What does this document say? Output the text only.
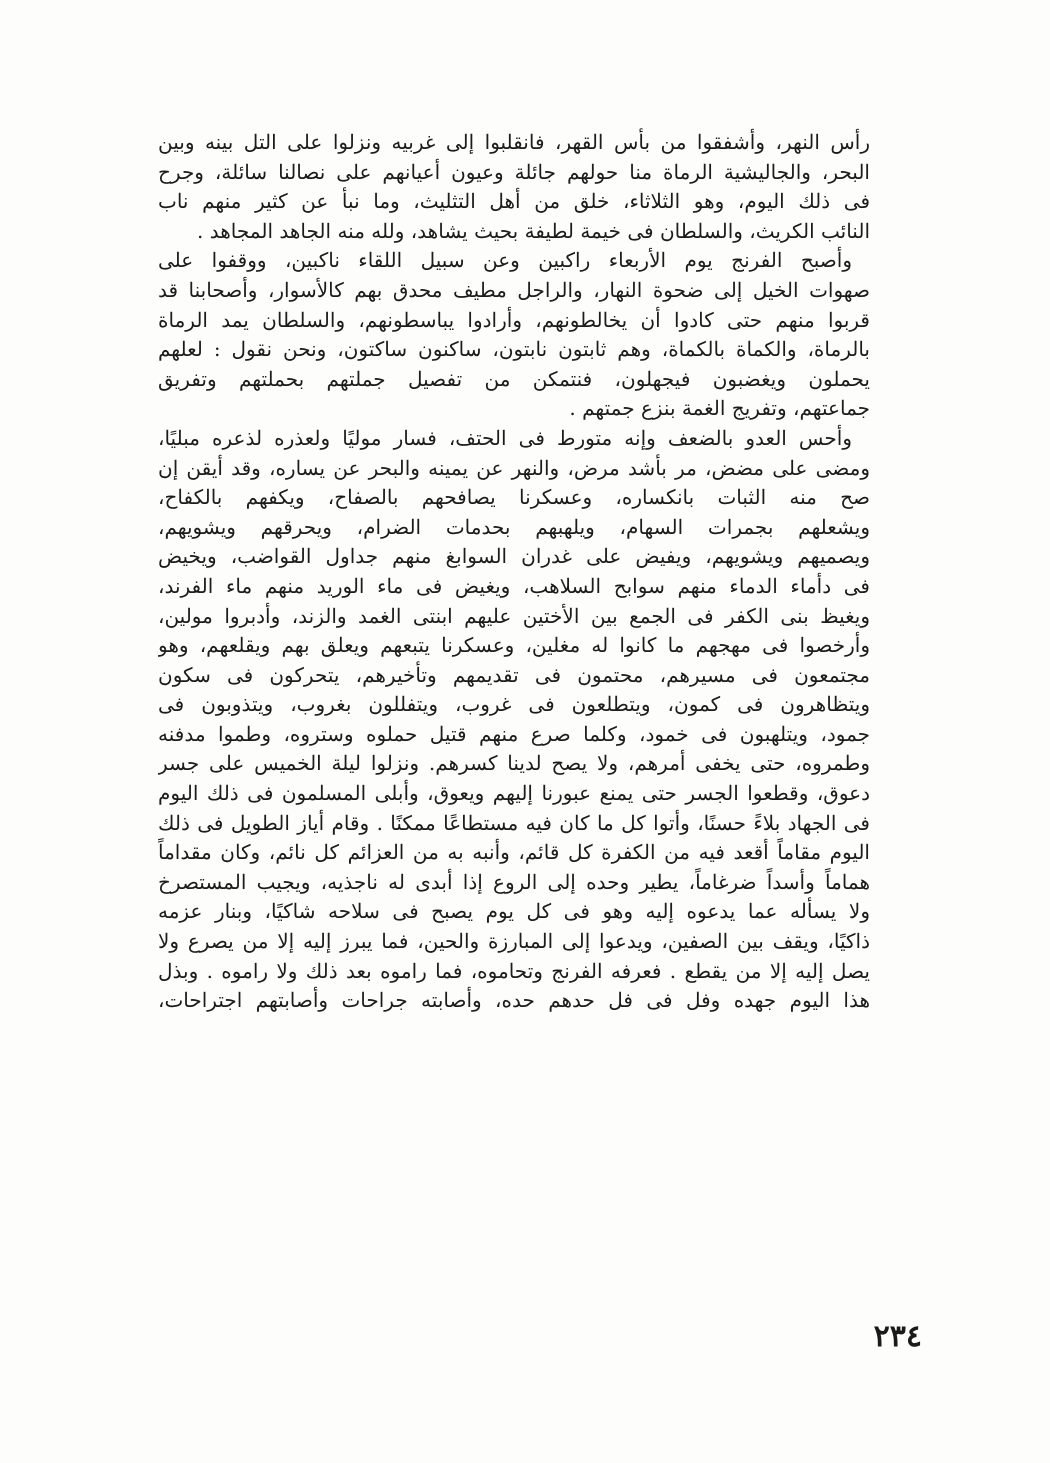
رأس النهر، وأشفقوا من بأس القهر، فانقلبوا إلى غربيه ونزلوا على التل بينه وبين
البحر، والجاليشية الرماة منا حولهم جائلة وعيون أعيانهم على نصالنا سائلة، وجرح
فى ذلك اليوم، وهو الثلاثاء، خلق من أهل التثليث، وما نبأ عن كثير منهم ناب
النائب الكريث، والسلطان فى خيمة لطيفة بحيث يشاهد، ولله منه الجاهد المجاهد .
وأصبح الفرنج يوم الأربعاء راكبين وعن سبيل اللقاء ناكبين، ووقفوا على
صهوات الخيل إلى ضحوة النهار، والراجل مطيف محدق بهم كالأسوار، وأصحابنا قد
قربوا منهم حتى كادوا أن يخالطونهم، وأرادوا يباسطونهم، والسلطان يمد الرماة
بالرماة، والكماة بالكماة، وهم ثابتون نابتون، ساكنون ساكتون، ونحن نقول : لعلهم
يحملون ويغضبون فيجهلون، فنتمكن من تفصيل جملتهم بحملتهم وتفريق
جماعتهم، وتفريج الغمة بنزع جمتهم .
وأحس العدو بالضعف وإنه متورط فى الحتف، فسار موليًا ولعذره لذعره مبليًا،
ومضى على مضض، مر بأشد مرض، والنهر عن يمينه والبحر عن يساره، وقد أيقن إن
صح منه الثبات بانكساره، وعسكرنا يصافحهم بالصفاح، ويكفهم بالكفاح،
ويشعلهم بجمرات السهام، ويلهبهم بحدمات الضرام، ويحرقهم ويشويهم،
ويصميهم ويشويهم، ويفيض على غدران السوابغ منهم جداول القواضب، ويخيض
فى دأماء الدماء منهم سوابح السلاهب، ويغيض فى ماء الوريد منهم ماء الفرند،
ويغيظ بنى الكفر فى الجمع بين الأختين عليهم ابنتى الغمد والزند، وأدبروا مولين،
وأرخصوا فى مهجهم ما كانوا له مغلين، وعسكرنا يتبعهم ويعلق بهم ويقلعهم، وهو
مجتمعون فى مسيرهم، محتمون فى تقديمهم وتأخيرهم، يتحركون فى سكون
ويتظاهرون فى كمون، ويتطلعون فى غروب، ويتفللون بغروب، ويتذوبون فى
جمود، ويتلهبون فى خمود، وكلما صرع منهم قتيل حملوه وستروه، وطموا مدفنه
وطمروه، حتى يخفى أمرهم، ولا يصح لدينا كسرهم. ونزلوا ليلة الخميس على جسر
دعوق، وقطعوا الجسر حتى يمنع عبورنا إليهم ويعوق، وأبلى المسلمون فى ذلك اليوم
فى الجهاد بلاءً حسنًا، وأتوا كل ما كان فيه مستطاعًا ممكنًا . وقام أياز الطويل فى ذلك
اليوم مقاماً أقعد فيه من الكفرة كل قائم، وأنبه به من العزائم كل نائم، وكان مقداماً
هماماً وأسداً ضرغاماً، يطير وحده إلى الروع إذا أبدى له ناجذيه، ويجيب المستصرخ
ولا يسأله عما يدعوه إليه وهو فى كل يوم يصبح فى سلاحه شاكيًا، وبنار عزمه
ذاكيًا، ويقف بين الصفين، ويدعوا إلى المبارزة والحين، فما يبرز إليه إلا من يصرع ولا
يصل إليه إلا من يقطع . فعرفه الفرنج وتحاموه، فما راموه بعد ذلك ولا راموه . وبذل
هذا اليوم جهده وفل فى فل حدهم حده، وأصابته جراحات وأصابتهم اجتراحات،
٢٣٤
